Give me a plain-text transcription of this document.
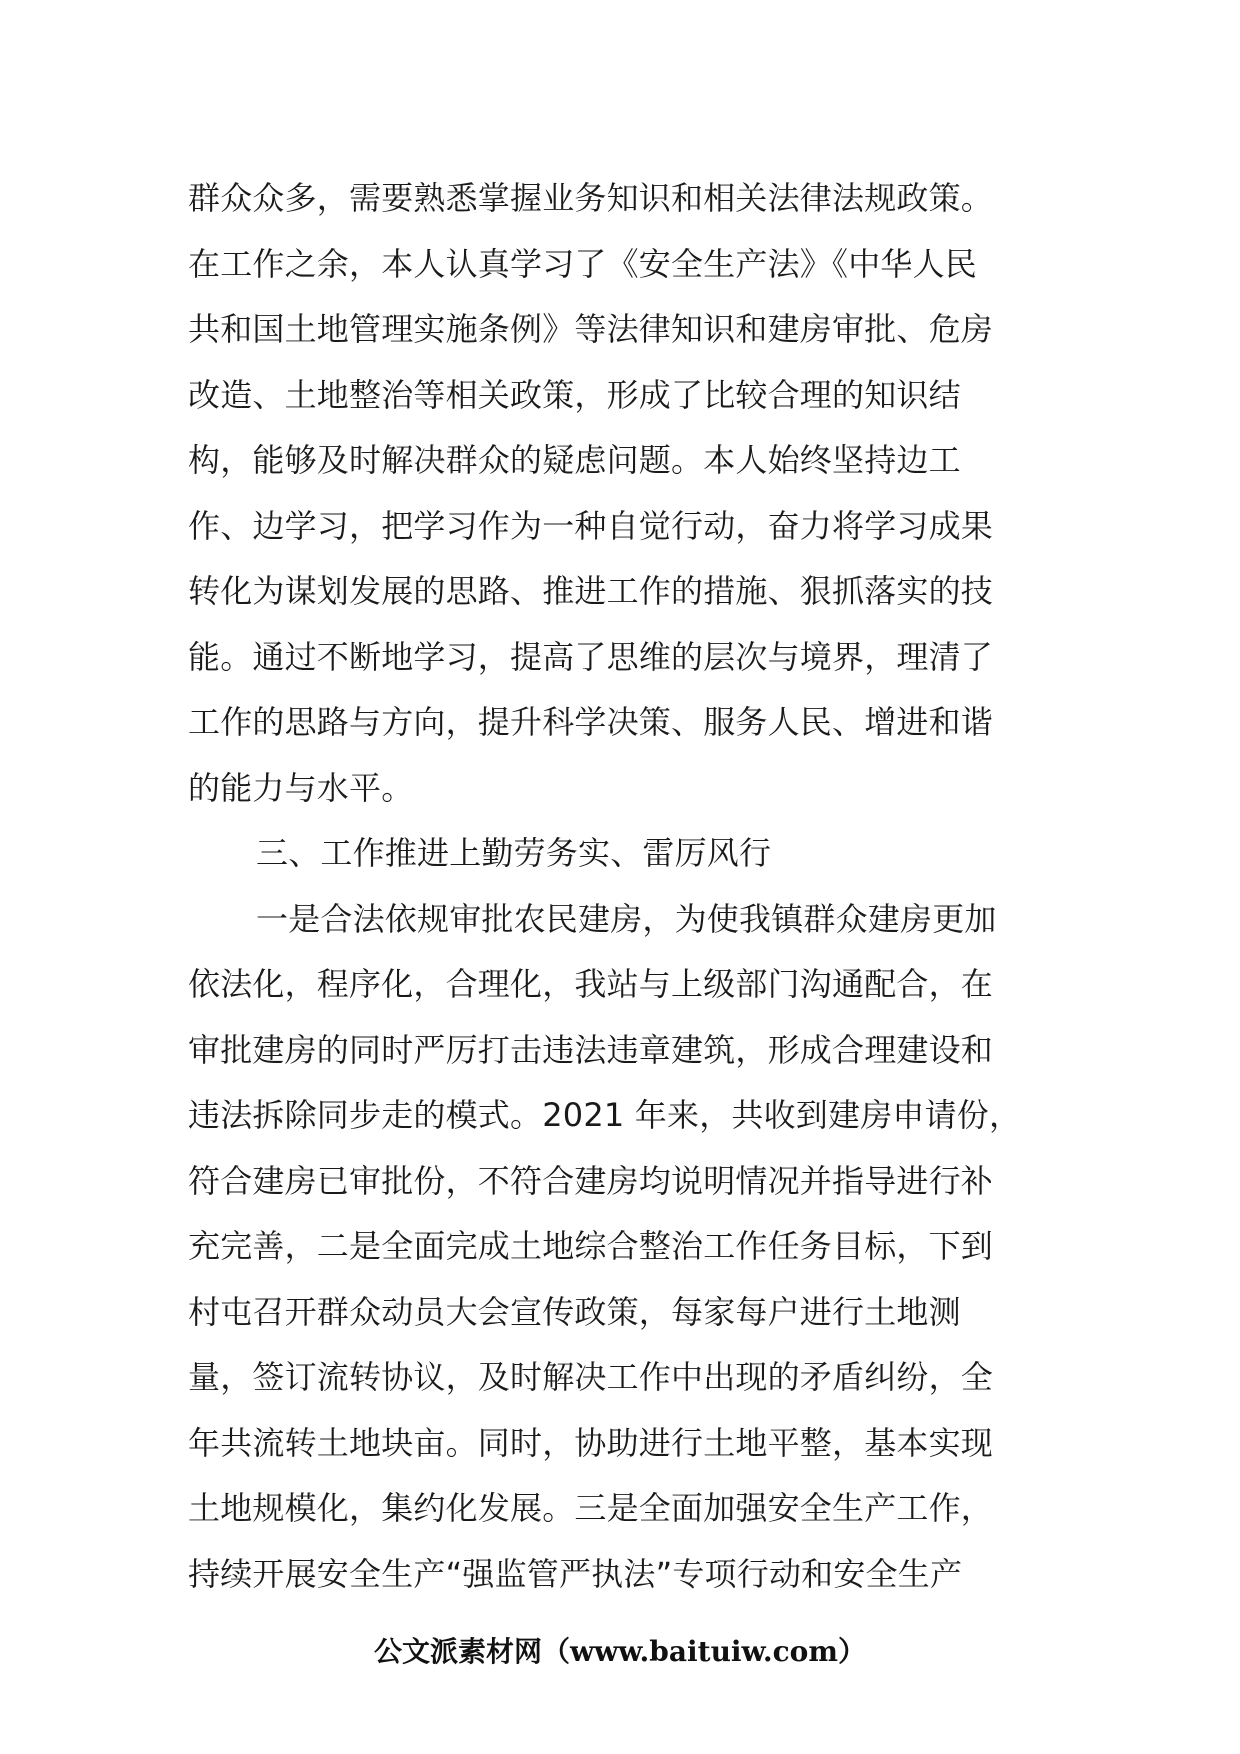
群众众多，需要熟悉掌握业务知识和相关法律法规政策。
在工作之余，本人认真学习了《安全生产法》《中华人民
共和国土地管理实施条例》等法律知识和建房审批、危房
改造、土地整治等相关政策，形成了比较合理的知识结
构，能够及时解决群众的疑虑问题。本人始终坚持边工
作、边学习，把学习作为一种自觉行动，奋力将学习成果
转化为谋划发展的思路、推进工作的措施、狠抓落实的技
能。通过不断地学习，提高了思维的层次与境界，理清了
工作的思路与方向，提升科学决策、服务人民、增进和谐
的能力与水平。
三、工作推进上勤劳务实、雷厉风行
一是合法依规审批农民建房，为使我镇群众建房更加
依法化，程序化，合理化，我站与上级部门沟通配合，在
审批建房的同时严厉打击违法违章建筑，形成合理建设和
违法拆除同步走的模式。2021 年来，共收到建房申请份，
符合建房已审批份，不符合建房均说明情况并指导进行补
充完善，二是全面完成土地综合整治工作任务目标，下到
村屯召开群众动员大会宣传政策，每家每户进行土地测
量，签订流转协议，及时解决工作中出现的矛盾纠纷，全
年共流转土地块亩。同时，协助进行土地平整，基本实现
土地规模化，集约化发展。三是全面加强安全生产工作，
持续开展安全生产“强监管严执法”专项行动和安全生产
公文派素材网（www.baituiw.com）
